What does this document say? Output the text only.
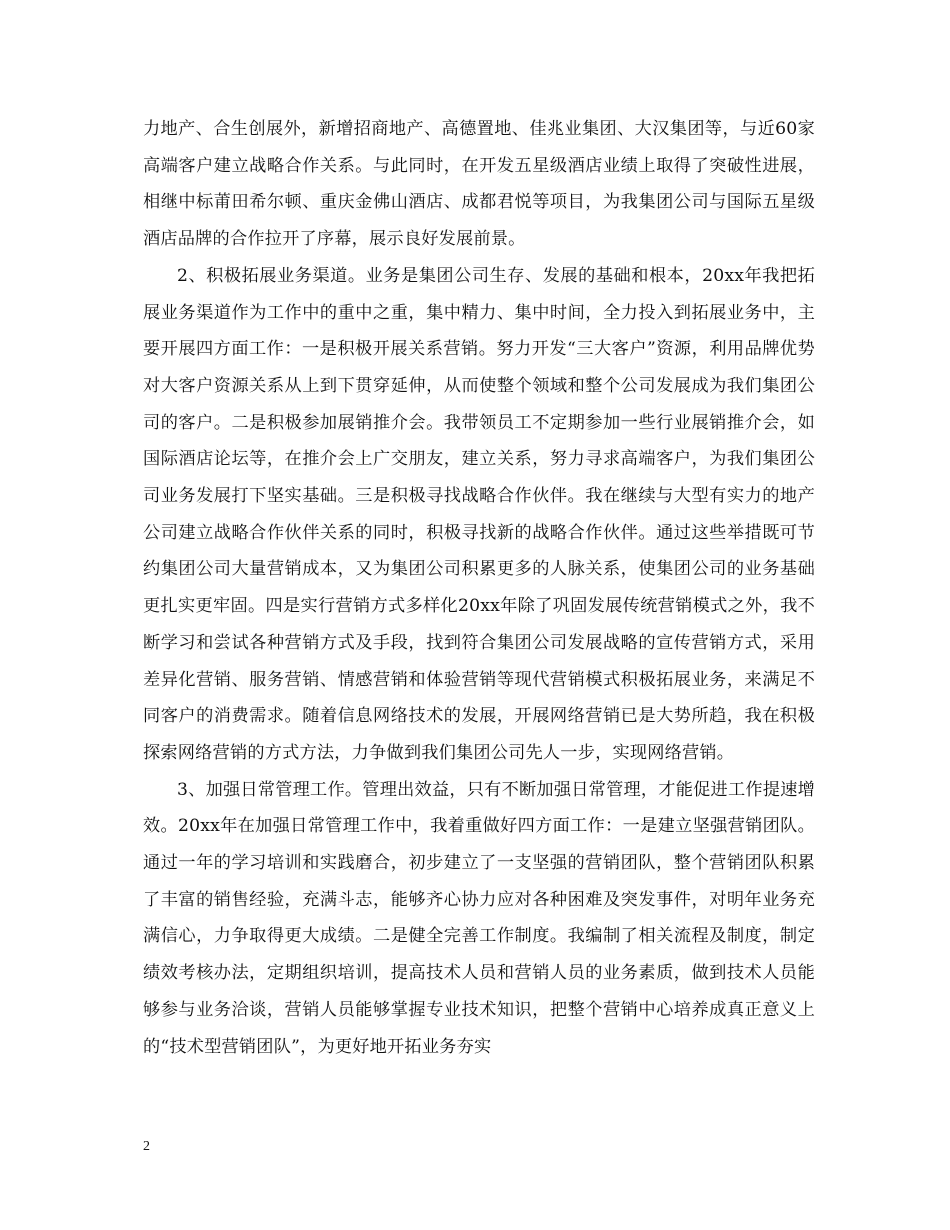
力地产、合生创展外，新增招商地产、高德置地、佳兆业集团、大汉集团等，与近60家高端客户建立战略合作关系。与此同时，在开发五星级酒店业绩上取得了突破性进展，相继中标莆田希尔顿、重庆金佛山酒店、成都君悦等项目，为我集团公司与国际五星级酒店品牌的合作拉开了序幕，展示良好发展前景。

2、积极拓展业务渠道。业务是集团公司生存、发展的基础和根本，20xx年我把拓展业务渠道作为工作中的重中之重，集中精力、集中时间，全力投入到拓展业务中，主要开展四方面工作：一是积极开展关系营销。努力开发“三大客户”资源，利用品牌优势对大客户资源关系从上到下贯穿延伸，从而使整个领域和整个公司发展成为我们集团公司的客户。二是积极参加展销推介会。我带领员工不定期参加一些行业展销推介会，如国际酒店论坛等，在推介会上广交朋友，建立关系，努力寻求高端客户，为我们集团公司业务发展打下坚实基础。三是积极寻找战略合作伙伴。我在继续与大型有实力的地产公司建立战略合作伙伴关系的同时，积极寻找新的战略合作伙伴。通过这些举措既可节约集团公司大量营销成本，又为集团公司积累更多的人脉关系，使集团公司的业务基础更扎实更牢固。四是实行营销方式多样化20xx年除了巩固发展传统营销模式之外，我不断学习和尝试各种营销方式及手段，找到符合集团公司发展战略的宣传营销方式，采用差异化营销、服务营销、情感营销和体验营销等现代营销模式积极拓展业务，来满足不同客户的消费需求。随着信息网络技术的发展，开展网络营销已是大势所趋，我在积极探索网络营销的方式方法，力争做到我们集团公司先人一步，实现网络营销。

3、加强日常管理工作。管理出效益，只有不断加强日常管理，才能促进工作提速增效。20xx年在加强日常管理工作中，我着重做好四方面工作：一是建立坚强营销团队。通过一年的学习培训和实践磨合，初步建立了一支坚强的营销团队，整个营销团队积累了丰富的销售经验，充满斗志，能够齐心协力应对各种困难及突发事件，对明年业务充满信心，力争取得更大成绩。二是健全完善工作制度。我编制了相关流程及制度，制定绩效考核办法，定期组织培训，提高技术人员和营销人员的业务素质，做到技术人员能够参与业务洽谈，营销人员能够掌握专业技术知识，把整个营销中心培养成真正意义上的“技术型营销团队”，为更好地开拓业务夯实

2
